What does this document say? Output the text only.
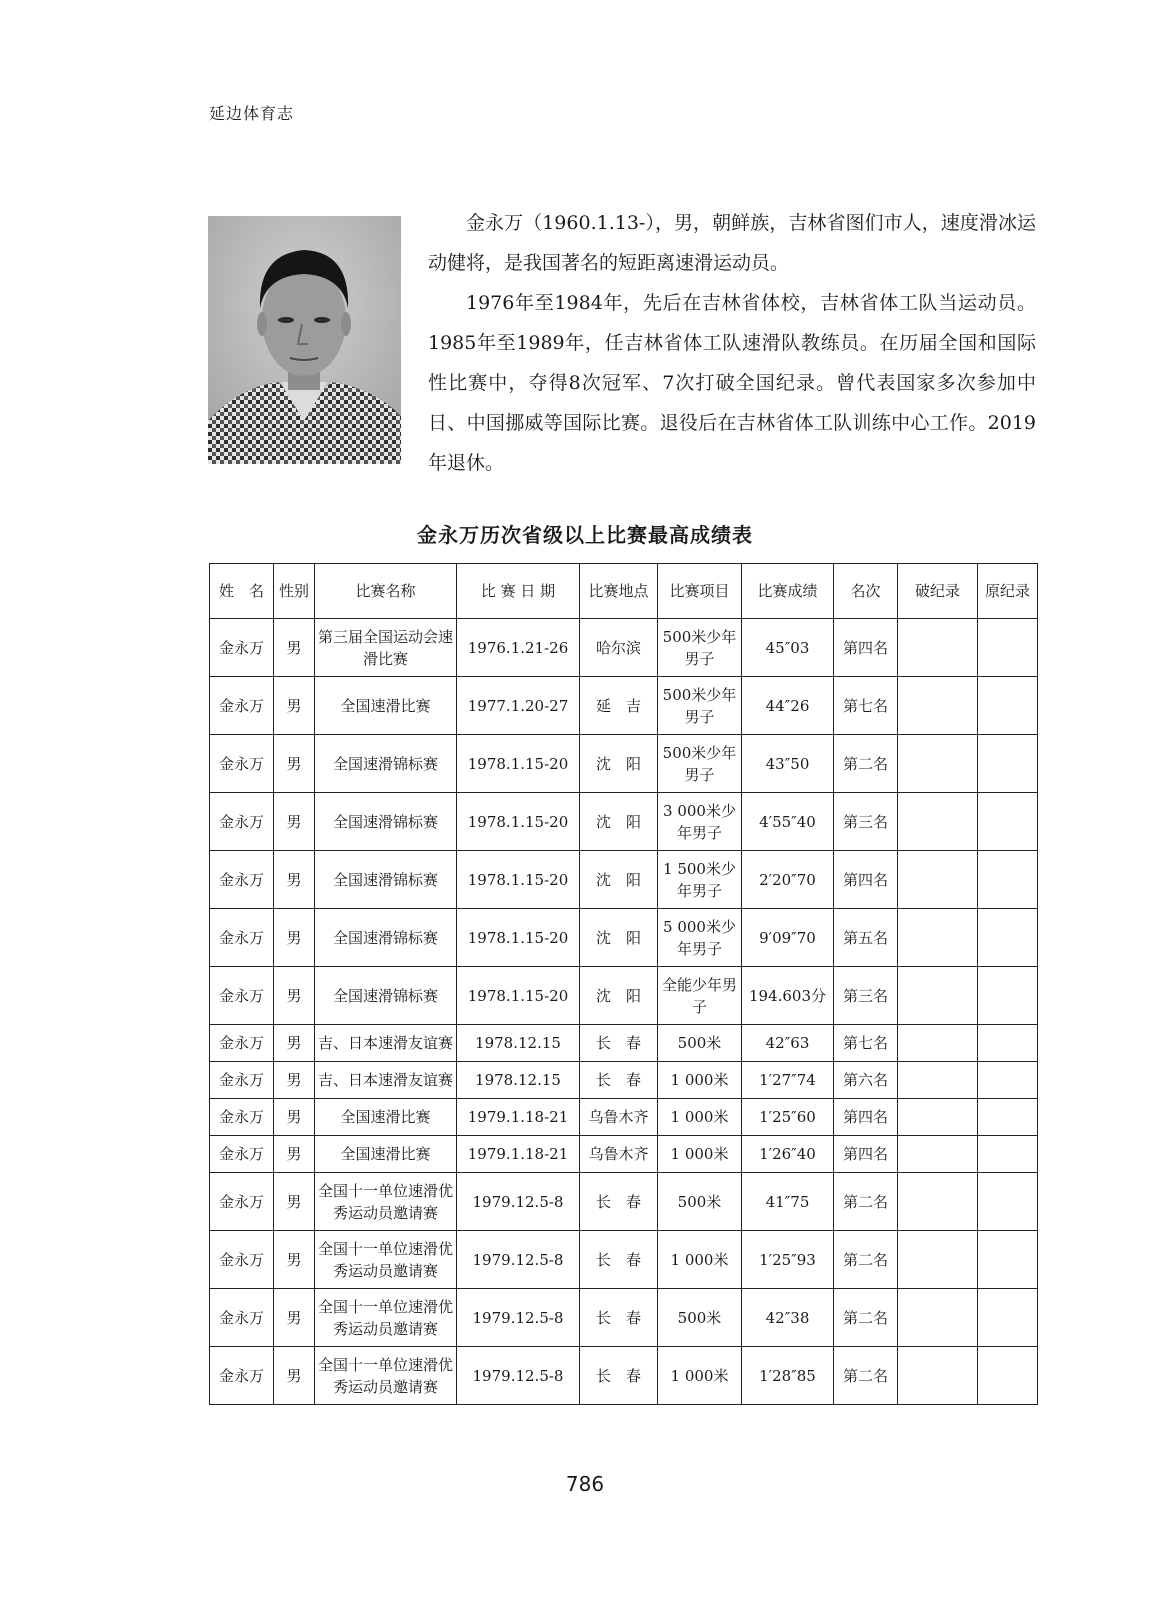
延边体育志

金永万（1960.1.13-），男，朝鲜族，吉林省图们市人，速度滑冰运动健将，是我国著名的短距离速滑运动员。

1976年至1984年，先后在吉林省体校，吉林省体工队当运动员。1985年至1989年，任吉林省体工队速滑队教练员。在历届全国和国际性比赛中，夺得8次冠军、7次打破全国纪录。曾代表国家多次参加中日、中国挪威等国际比赛。退役后在吉林省体工队训练中心工作。2019年退休。

金永万历次省级以上比赛最高成绩表
姓　名	性别	比赛名称	比 赛 日 期	比赛地点	比赛项目	比赛成绩	名次	破纪录	原纪录
金永万	男	第三届全国运动会速滑比赛	1976.1.21-26	哈尔滨	500米少年男子	45″03	第四名		
金永万	男	全国速滑比赛	1977.1.20-27	延　吉	500米少年男子	44″26	第七名		
金永万	男	全国速滑锦标赛	1978.1.15-20	沈　阳	500米少年男子	43″50	第二名		
金永万	男	全国速滑锦标赛	1978.1.15-20	沈　阳	3 000米少年男子	4′55″40	第三名		
金永万	男	全国速滑锦标赛	1978.1.15-20	沈　阳	1 500米少年男子	2′20″70	第四名		
金永万	男	全国速滑锦标赛	1978.1.15-20	沈　阳	5 000米少年男子	9′09″70	第五名		
金永万	男	全国速滑锦标赛	1978.1.15-20	沈　阳	全能少年男子	194.603分	第三名		
金永万	男	吉、日本速滑友谊赛	1978.12.15	长　春	500米	42″63	第七名		
金永万	男	吉、日本速滑友谊赛	1978.12.15	长　春	1 000米	1′27″74	第六名		
金永万	男	全国速滑比赛	1979.1.18-21	乌鲁木齐	1 000米	1′25″60	第四名		
金永万	男	全国速滑比赛	1979.1.18-21	乌鲁木齐	1 000米	1′26″40	第四名		
金永万	男	全国十一单位速滑优秀运动员邀请赛	1979.12.5-8	长　春	500米	41″75	第二名		
金永万	男	全国十一单位速滑优秀运动员邀请赛	1979.12.5-8	长　春	1 000米	1′25″93	第二名		
金永万	男	全国十一单位速滑优秀运动员邀请赛	1979.12.5-8	长　春	500米	42″38	第二名		
金永万	男	全国十一单位速滑优秀运动员邀请赛	1979.12.5-8	长　春	1 000米	1′28″85	第二名		
786
